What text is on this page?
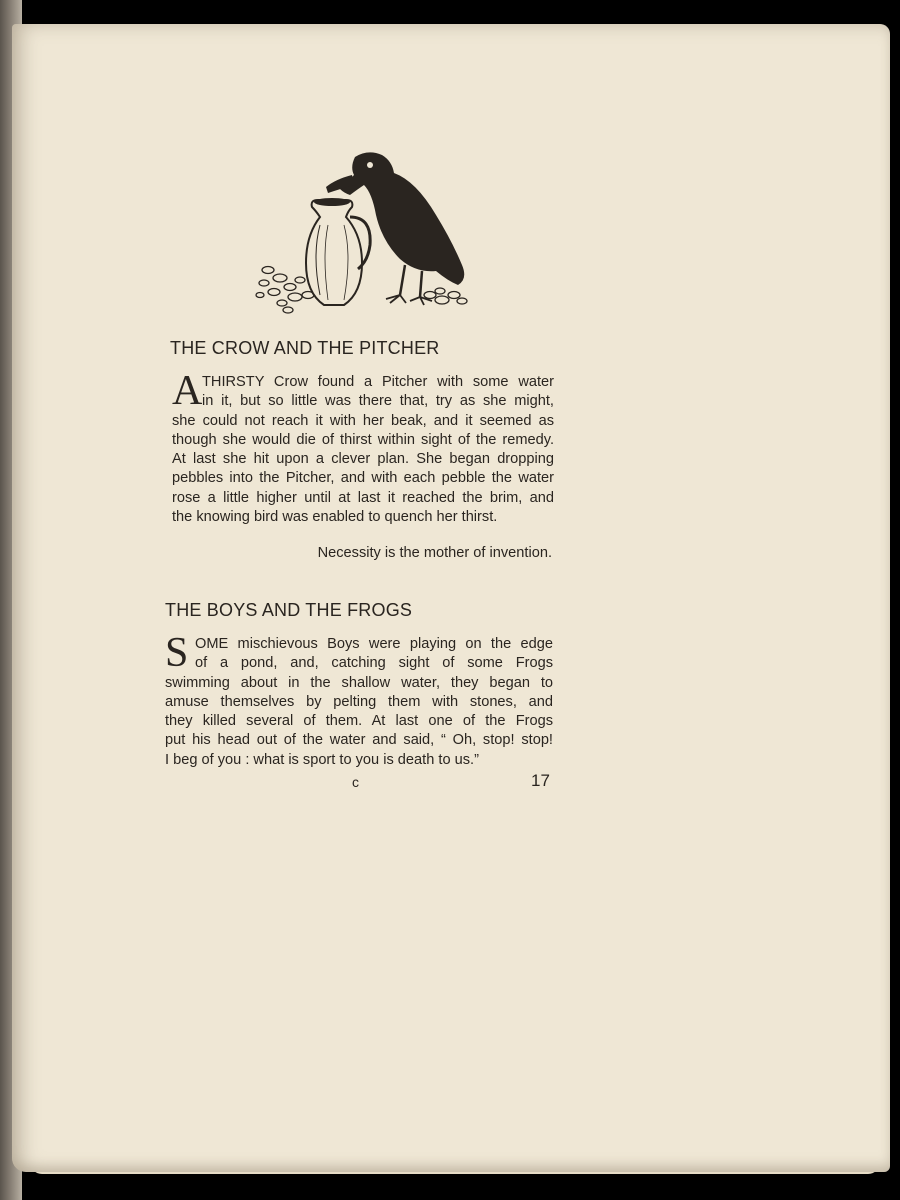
THE CROW AND THE PITCHER
A THIRSTY Crow found a Pitcher with some water
in it, but so little was there that, try as she might,
she could not reach it with her beak, and it seemed as
though she would die of thirst within sight of the remedy.
At last she hit upon a clever plan. She began dropping
pebbles into the Pitcher, and with each pebble the water
rose a little higher until at last it reached the brim, and
the knowing bird was enabled to quench her thirst.
Necessity is the mother of invention.
THE BOYS AND THE FROGS
S OME mischievous Boys were playing on the edge
of a pond, and, catching sight of some Frogs
swimming about in the shallow water, they began to
amuse themselves by pelting them with stones, and
they killed several of them. At last one of the Frogs
put his head out of the water and said, “ Oh, stop! stop!
I beg of you : what is sport to you is death to us.”
c	17
